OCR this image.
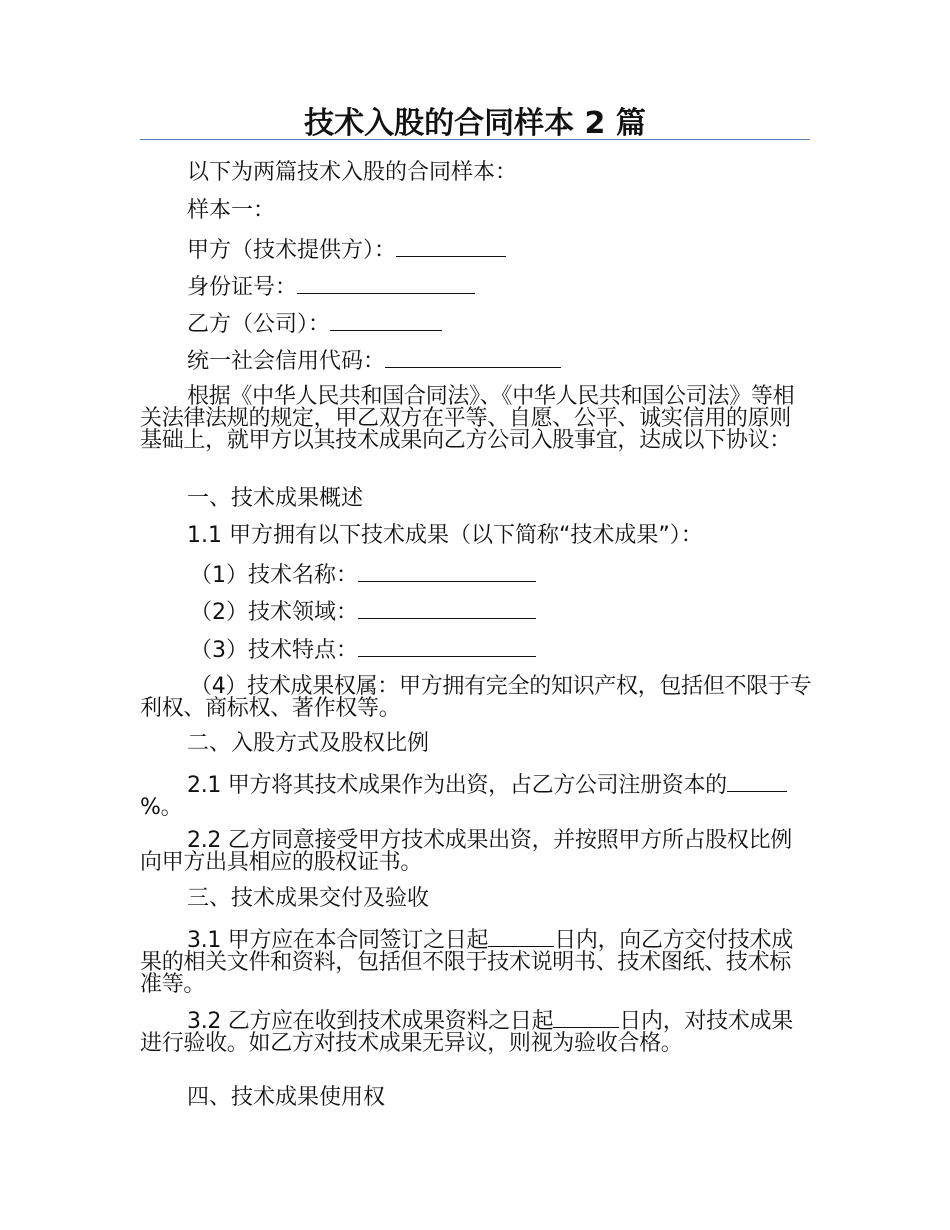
技术入股的合同样本 2 篇
以下为两篇技术入股的合同样本：
样本一：
甲方（技术提供方）：
身份证号：
乙方（公司）：
统一社会信用代码：
根据《中华人民共和国合同法》、《中华人民共和国公司法》等相关法律法规的规定，甲乙双方在平等、自愿、公平、诚实信用的原则基础上，就甲方以其技术成果向乙方公司入股事宜，达成以下协议：
一、技术成果概述
1.1 甲方拥有以下技术成果（以下简称“技术成果”）：
（1）技术名称：
（2）技术领域：
（3）技术特点：
（4）技术成果权属：甲方拥有完全的知识产权，包括但不限于专利权、商标权、著作权等。
二、入股方式及股权比例
2.1 甲方将其技术成果作为出资，占乙方公司注册资本的%。
2.2 乙方同意接受甲方技术成果出资，并按照甲方所占股权比例向甲方出具相应的股权证书。
三、技术成果交付及验收
3.1 甲方应在本合同签订之日起	日内，向乙方交付技术成果的相关文件和资料，包括但不限于技术说明书、技术图纸、技术标准等。
3.2 乙方应在收到技术成果资料之日起	日内，对技术成果进行验收。如乙方对技术成果无异议，则视为验收合格。
四、技术成果使用权
